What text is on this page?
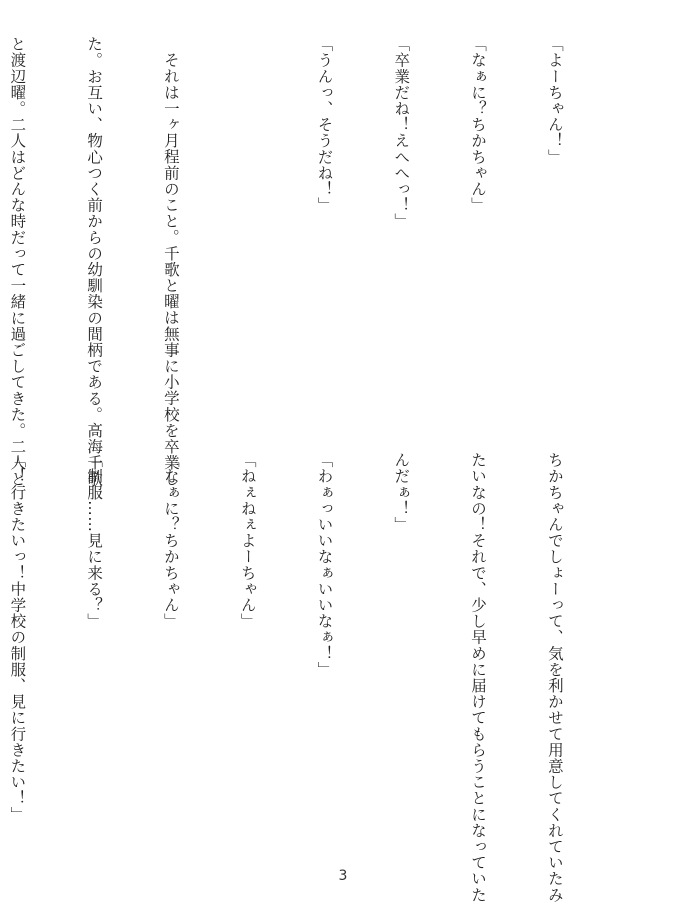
「よーちゃん！」

「なぁに？ちかちゃん」

「卒業だね！えへへっ！」

「うんっ、そうだね！」

それは一ヶ月程前のこと。千歌と曜は無事に小学校を卒業し

た。お互い、物心つく前からの幼馴染の間柄である。高海千歌

と渡辺曜。二人はどんな時だって一緒に過ごしてきた。二人と

ちかちゃんでしょーって、気を利かせて用意してくれていたみ

たいなの！それで、少し早めに届けてもらうことになっていた

んだぁ！」

「わぁっいいなぁいいなぁ！」

「ねぇねぇよーちゃん」

「なぁに？ちかちゃん」

「制服……見に来る？」

「！行きたいっ！中学校の制服、見に行きたい！」

3
